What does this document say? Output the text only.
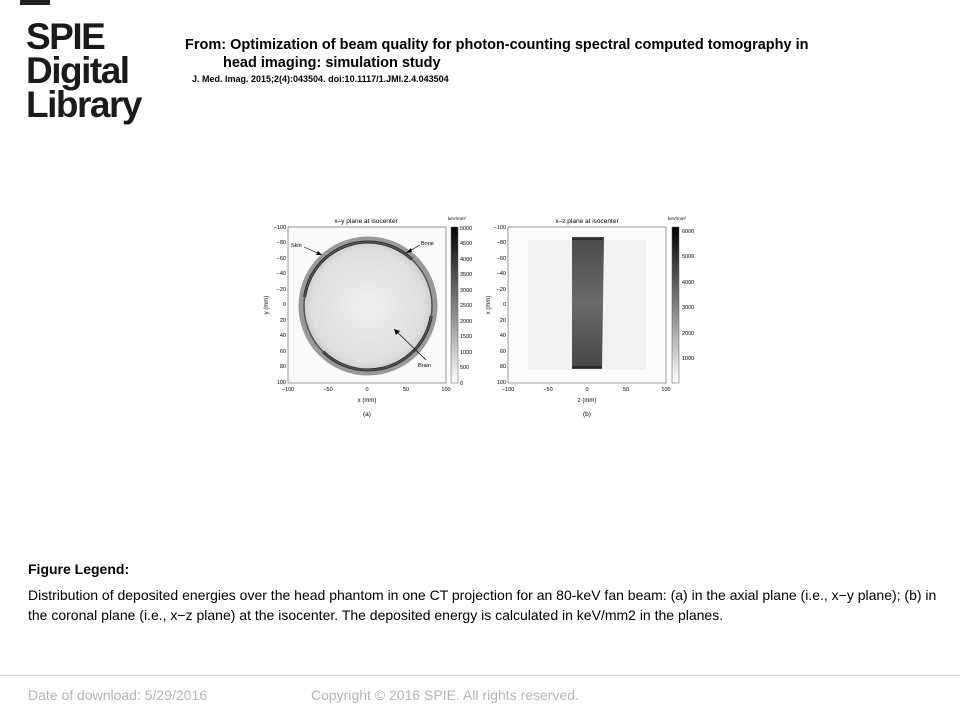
SPIE
Digital
Library
From: Optimization of beam quality for photon-counting spectral computed tomography in
head imaging: simulation study
J. Med. Imag. 2015;2(4):043504. doi:10.1117/1.JMI.2.4.043504
x–y plane at isocenter
Skin	Bone
Brain
−100
−80
−60
−40
−20
0
20
40
60
80
100
y (mm)
−100	−50	0	50	100
x (mm)
(a)
keV/mm²
5000
4500
4000
3500
3000
2500
2000
1500
1000
500
0
x–z plane at isocenter
−100
−80
−60
−40
−20
0
20
40
60
80
100
x (mm)
−100	−50	0	50	100
z (mm)
(b)
keV/mm²
6000
5000
4000
3000
2000
1000
Figure Legend:
Distribution of deposited energies over the head phantom in one CT projection for an 80-keV fan beam: (a) in the axial plane (i.e., x−y plane); (b) in the coronal plane (i.e., x−z plane) at the isocenter. The deposited energy is calculated in keV/mm2 in the planes.
Date of download: 5/29/2016	Copyright © 2016 SPIE. All rights reserved.
